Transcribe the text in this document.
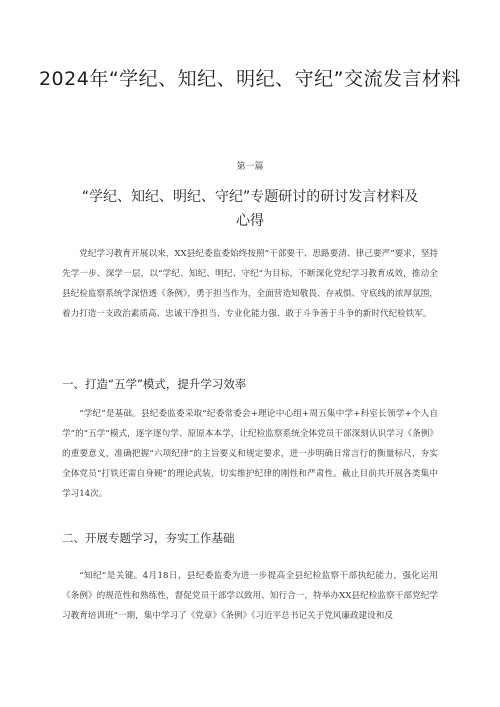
2024年“学纪、知纪、明纪、守纪”交流发言材料
第一篇
“学纪、知纪、明纪、守纪”专题研讨的研讨发言材料及心得

党纪学习教育开展以来，XX县纪委监委始终按照“干部要干、思路要清、律己要严”要求，坚持先学一步、深学一层，以“学纪、知纪、明纪、守纪”为目标，不断深化党纪学习教育成效，推动全县纪检监察系统学深悟透《条例》，勇于担当作为，全面营造知敬畏、存戒惧、守底线的浓厚氛围，着力打造一支政治素质高、忠诚干净担当、专业化能力强、敢于斗争善于斗争的新时代纪检铁军。

一、打造“五学”模式，提升学习效率

“学纪”是基础。县纪委监委采取“纪委常委会+理论中心组+周五集中学+科室长领学+个人自学”的“五学”模式，逐字逐句学、原原本本学，让纪检监察系统全体党员干部深刻认识学习《条例》的重要意义，准确把握“六项纪律”的主旨要义和规定要求，进一步明确日常言行的衡量标尺，夯实全体党员“打铁还需自身硬”的理论武装，切实维护纪律的刚性和严肃性。截止目前共开展各类集中学习14次。

二、开展专题学习，夯实工作基础

“知纪”是关键。4月18日，县纪委监委为进一步提高全县纪检监察干部执纪能力，强化运用《条例》的规范性和熟练性，督促党员干部学以致用、知行合一，特举办XX县纪检监察干部党纪学习教育培训班”一期，集中学习了《党章》《条例》《习近平总书记关于党风廉政建设和反
